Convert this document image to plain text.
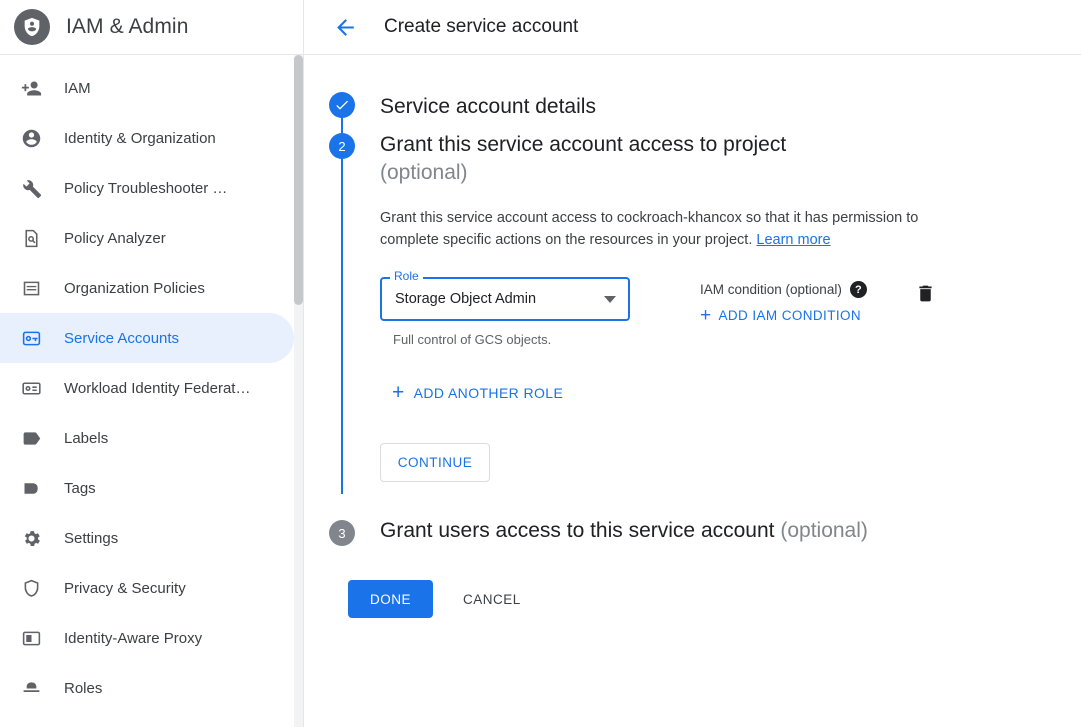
IAM & Admin
IAM
Identity & Organization
Policy Troubleshooter …
Policy Analyzer
Organization Policies
Service Accounts
Workload Identity Federat…
Labels
Tags
Settings
Privacy & Security
Identity-Aware Proxy
Roles
Create service account
Service account details
2	Grant this service account access to project
(optional)
Grant this service account access to cockroach-khancox so that it has permission to complete specific actions on the resources in your project. Learn more
Storage Object Admin
Role
Full control of GCS objects.
IAM condition (optional)	?
+ ADD IAM CONDITION
+ ADD ANOTHER ROLE
CONTINUE
3	Grant users access to this service account (optional)
DONE	CANCEL
